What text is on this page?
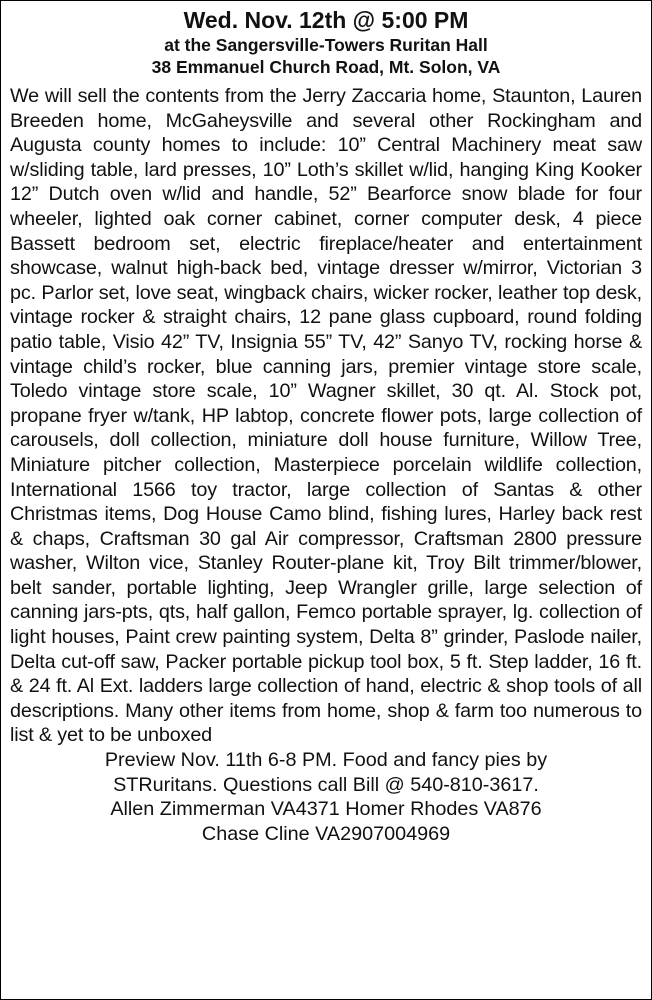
Wed. Nov. 12th @ 5:00 PM
at the Sangersville-Towers Ruritan Hall
38 Emmanuel Church Road, Mt. Solon, VA
We will sell the contents from the Jerry Zaccaria home, Staunton, Lauren Breeden home, McGaheysville and several other Rockingham and Augusta county homes to include: 10” Central Machinery meat saw w/sliding table, lard presses, 10” Loth’s skillet w/lid, hanging King Kooker 12” Dutch oven w/lid and handle, 52” Bearforce snow blade for four wheeler, lighted oak corner cabinet, corner computer desk, 4 piece Bassett bedroom set, electric fireplace/heater and entertainment showcase, walnut high-back bed, vintage dresser w/mirror, Victorian 3 pc. Parlor set, love seat, wingback chairs, wicker rocker, leather top desk, vintage rocker & straight chairs, 12 pane glass cupboard, round folding patio table, Visio 42” TV, Insignia 55” TV, 42” Sanyo TV, rocking horse & vintage child’s rocker, blue canning jars, premier vintage store scale, Toledo vintage store scale, 10” Wagner skillet, 30 qt. Al. Stock pot, propane fryer w/tank, HP labtop, concrete flower pots, large collection of carousels, doll collection, miniature doll house furniture, Willow Tree, Miniature pitcher collection, Masterpiece porcelain wildlife collection, International 1566 toy tractor, large collection of Santas & other Christmas items, Dog House Camo blind, fishing lures, Harley back rest & chaps, Craftsman 30 gal Air compressor, Craftsman 2800 pressure washer, Wilton vice, Stanley Router-plane kit, Troy Bilt trimmer/blower, belt sander, portable lighting, Jeep Wrangler grille, large selection of canning jars-pts, qts, half gallon, Femco portable sprayer, lg. collection of light houses, Paint crew painting system, Delta 8” grinder, Paslode nailer, Delta cut-off saw, Packer portable pickup tool box, 5 ft. Step ladder, 16 ft. & 24 ft. Al Ext. ladders large collection of hand, electric & shop tools of all descriptions. Many other items from home, shop & farm too numerous to list & yet to be unboxed
Preview Nov. 11th 6-8 PM. Food and fancy pies by
STRuritans. Questions call Bill @ 540-810-3617.
Allen Zimmerman VA4371 Homer Rhodes VA876
Chase Cline VA2907004969
